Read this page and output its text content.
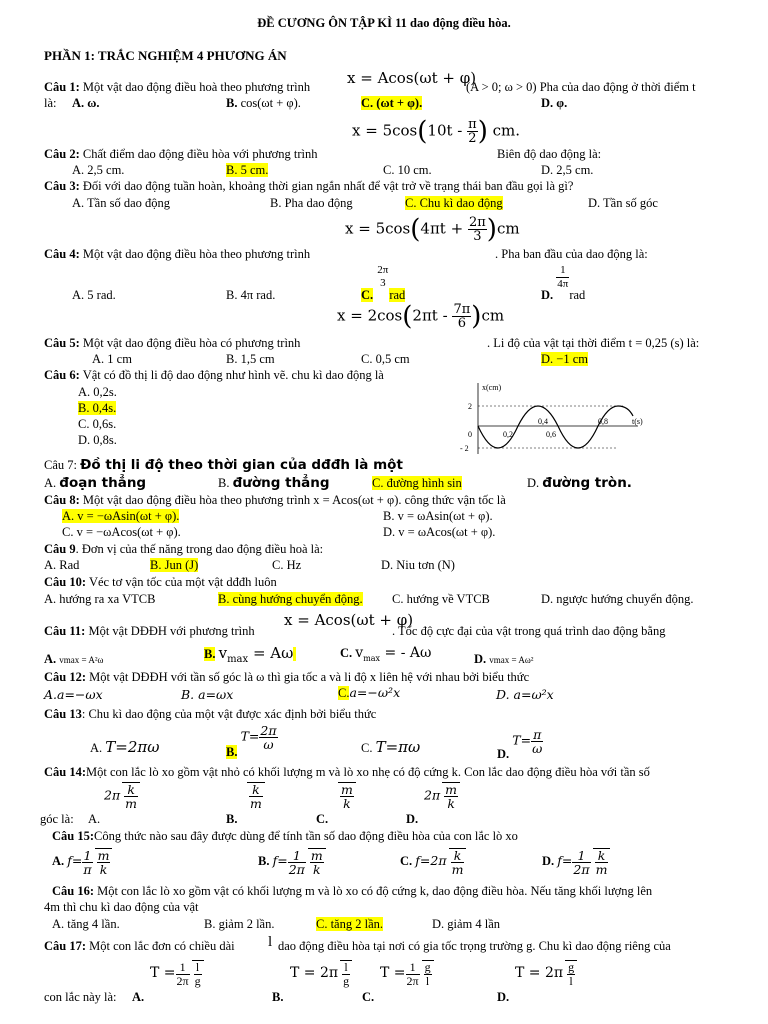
ĐỀ CƯƠNG ÔN TẬP KÌ 11 dao động điều hòa.
PHẦN 1: TRẮC NGHIỆM 4 PHƯƠNG ÁN
Câu 1: Một vật dao động điều hoà theo phương trình x = Acos(ωt + φ)
(A > 0; ω > 0) Pha của dao động ở thời điểm t
là: A. ω.	B. cos(ωt + φ).	C. (ωt + φ).	D. φ.
$x = 5\cos(10t - \frac{\pi}{2}$ ) cm.
Câu 2: Chất điểm dao động điều hòa với phương trình	Biên độ dao động là:
A. 2,5 cm.	B. 5 cm.	C. 10 cm.	D. 2,5 cm.
Câu 3: Đối với dao động tuần hoàn, khoảng thời gian ngắn nhất để vật trở về trạng thái ban đầu gọi là gì?
A. Tần số dao động	B. Pha dao động	C. Chu kì dao động	D. Tần số góc
$x = 5\cos(4\pi t + \frac{2\pi}{3} )cm$
Câu 4: Một vật dao động điều hòa theo phương trình	. Pha ban đầu của dao động là:
A. 5 rad.	B. 4π rad.	C.
2π
3
rad	D.
$\frac{1}{4\pi}$
rad
$x = 2\cos(2\pi t - \frac{7\pi}{6} )cm$
Câu 5: Một vật dao động điều hòa có phương trình	. Li độ của vật tại thời điểm t = 0,25 (s) là:
A. 1 cm	B. 1,5 cm	C. 0,5 cm	D. −1 cm
Câu 6: Vật có đồ thị li độ dao động như hình vẽ. chu kì dao động là
A. 0,2s.
B. 0,4s.
C. 0,6s.
D. 0,8s.
x(cm)
t(s)
2
0
- 2
0,2
0,4
0,6
0,8
Câu 7: Đồ thị li độ theo thời gian của dđđh là một
A. đoạn thẳng	B. đường thẳng	C. đường hình sin	D. đường tròn.
Câu 8: Một vật dao động điều hòa theo phương trình x = Acos(ωt + φ). công thức vận tốc là
A. v = −ωAsin(ωt + φ).	B. v = ωAsin(ωt + φ).
C. v = −ωAcos(ωt + φ).	D. v = ωAcos(ωt + φ).
Câu 9. Đơn vị của thế năng trong dao động điều hoà là:
A. Rad	B. Jun (J)	C. Hz	D. Niu tơn (N)
Câu 10: Véc tơ vận tốc của một vật dđđh luôn
A. hướng ra xa VTCB	B. cùng hướng chuyển động. C. hướng về VTCB	D. ngược hướng chuyển động.
Câu 11: Một vật DĐĐH với phương trình
x = Acos(ωt + φ)
. Tốc độ cực đại của vật trong quá trình dao động bằng
A. vmax = A²ω	B. $v_{max} = A\omega$	C. $v_{max}$ = - Aω	D. vmax = Aω²
Câu 12: Một vật DĐĐH với tần số góc là ω thì gia tốc a và li độ x liên hệ với nhau bởi biểu thức
A.a=−ωx	B. a=ωx	C.a=−ω²x	D. a=ω²x
Câu 13: Chu kì dao động của một vật được xác định bởi biểu thức
A. T=2πω	B. $T= \frac{2\pi}{\omega}$	C. T=πω	D. $T= \frac{\pi}{\omega}$
Câu 14:Một con lắc lò xo gồm vật nhỏ có khối lượng m và lò xo nhẹ có độ cứng k. Con lắc dao động điều hòa với tần số
góc là: A.
$2\pi \frac{k}{m}$
B.
$\frac{k}{m}$
C.
$\frac{m}{k}$
D.
$2\pi \frac{m}{k}$
Câu 15:Công thức nào sau đây được dùng để tính tần số dao động điều hòa của con lắc lò xo
A. $f= \frac{1}{\pi} \frac{m}{k}$	B. $f= \frac{1}{2\pi} \frac{m}{k}$	C. $f=2\pi \frac{k}{m}$	D. $f= \frac{1}{2\pi} \frac{k}{m}$
Câu 16: Một con lắc lò xo gồm vật có khối lượng m và lò xo có độ cứng k, dao động điều hòa. Nếu tăng khối lượng lên
4m thì chu kì dao động của vật
A. tăng 4 lần.	B. giảm 2 lần.	C. tăng 2 lần.	D. giảm 4 lần
Câu 17: Một con lắc đơn có chiều dài l dao động điều hòa tại nơi có gia tốc trọng trường g. Chu kì dao động riêng của
con lắc này là: A.
$T = \frac{1}{2\pi} \frac{l}{g}$
B.
$T = 2\pi \frac{l}{g}$
C.
$T = \frac{1}{2\pi} \frac{g}{l}$
D.
$T = 2\pi \frac{g}{l}$
